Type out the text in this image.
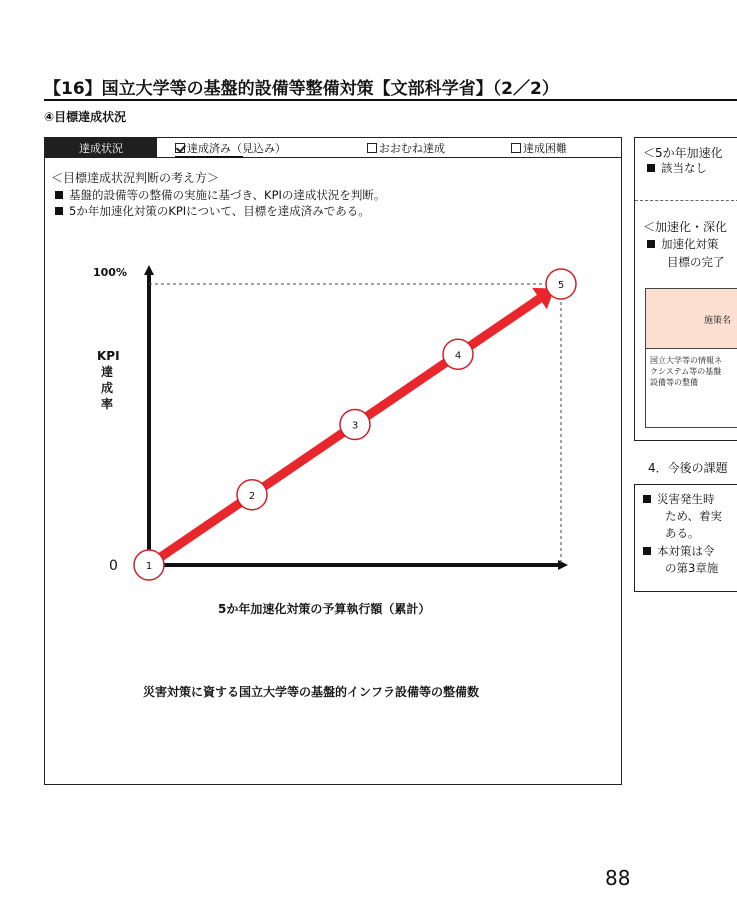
【16】国立大学等の基盤的設備等整備対策【文部科学省】（2／2）
④目標達成状況
達成状況	達成済み（見込み）	おおむね達成	達成困難
＜目標達成状況判断の考え方＞
基盤的設備等の整備の実施に基づき、KPIの達成状況を判断。
5か年加速化対策のKPIについて、目標を達成済みである。
1
2
3
4
5
100%
0
KPI達成率
5か年加速化対策の予算執行額（累計）
災害対策に資する国立大学等の基盤的インフラ設備等の整備数
＜5か年加速化
該当なし
＜加速化・深化
加速化対策
目標の完了
施策名
国立大学等の情報ネ
クシステム等の基盤
設備等の整備
4．今後の課題
災害発生時
ため、着実
ある。
本対策は令
の第3章施
88
